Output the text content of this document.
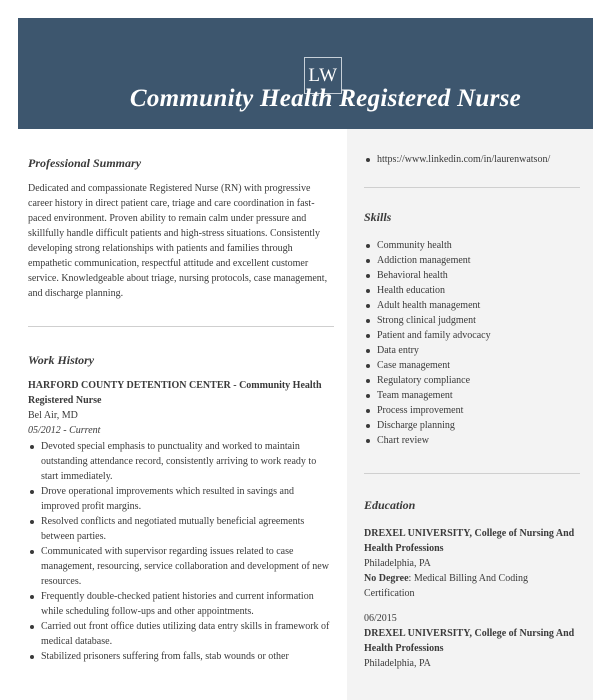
LW
Community Health Registered Nurse
Professional Summary

Dedicated and compassionate Registered Nurse (RN) with progressive career history in direct patient care, triage and care coordination in fast-paced environment. Proven ability to remain calm under pressure and skillfully handle difficult patients and high-stress situations. Consistently developing strong relationships with patients and families through empathetic communication, respectful attitude and excellent customer service. Knowledgeable about triage, nursing protocols, case management, and discharge planning.

Work History
HARFORD COUNTY DETENTION CENTER - Community Health Registered Nurse
Bel Air, MD
05/2012 - Current
Devoted special emphasis to punctuality and worked to maintain outstanding attendance record, consistently arriving to work ready to start immediately.
Drove operational improvements which resulted in savings and improved profit margins.
Resolved conflicts and negotiated mutually beneficial agreements between parties.
Communicated with supervisor regarding issues related to case management, resourcing, service collaboration and development of new resources.
Frequently double-checked patient histories and current information while scheduling follow-ups and other appointments.
Carried out front office duties utilizing data entry skills in framework of medical database.
Stabilized prisoners suffering from falls, stab wounds or other
https://www.linkedin.com/in/laurenwatson/
Skills
Community health
Addiction management
Behavioral health
Health education
Adult health management
Strong clinical judgment
Patient and family advocacy
Data entry
Case management
Regulatory compliance
Team management
Process improvement
Discharge planning
Chart review
Education
DREXEL UNIVERSITY, College of Nursing And Health Professions
Philadelphia, PA
No Degree: Medical Billing And Coding Certification
06/2015
DREXEL UNIVERSITY, College of Nursing And Health Professions
Philadelphia, PA
